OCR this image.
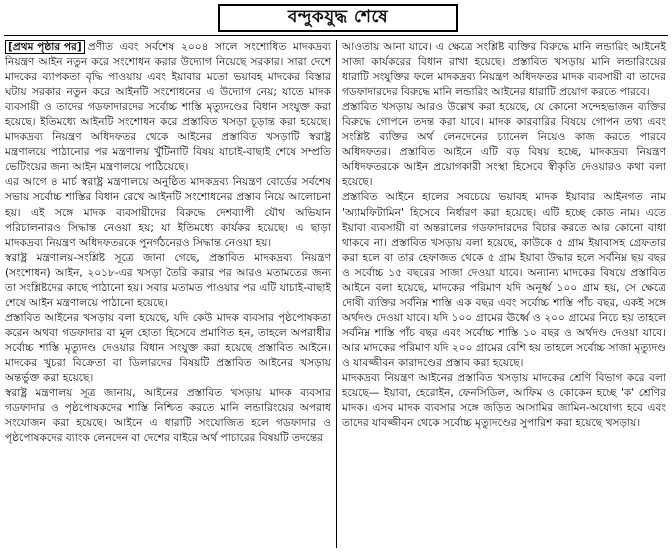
বন্দুকযুদ্ধ শেষে

[প্রথম পৃষ্ঠার পর] প্রণীত এবং সর্বশেষ ২০০৪ সালে সংশোধিত মাদকদ্রব্য নিয়ন্ত্রণ আইন নতুন করে সংশোধন করার উদ্যোগ নিয়েছে সরকার। সারা দেশে মাদকের ব্যাপকতা বৃদ্ধি পাওয়ায় এবং ইয়াবার মতো ভয়াবহ মাদকের বিস্তার ঘটায় সরকার নতুন করে আইনটি সংশোধনের এ উদ্যোগ নেয়; যাতে মাদক ব্যবসায়ী ও তাদের গডফাদারদের সর্বোচ্চ শাস্তি মৃত্যুদণ্ডের বিধান সংযুক্ত করা হয়েছে। ইতিমধ্যে আইনটি সংশোধন করে প্রস্তাবিত খসড়া চূড়ান্ত করা হয়েছে। মাদকদ্রব্য নিয়ন্ত্রণ অধিদফতর থেকে আইনের প্রস্তাবিত খসড়াটি স্বরাষ্ট্র মন্ত্রণালয়ে পাঠানোর পর মন্ত্রণালয় খুঁটিনাটি বিষয় যাচাই-বাছাই শেষে সম্প্রতি ভেটিংয়ের জন্য আইন মন্ত্রণালয়ে পাঠিয়েছে।

এর আগে ৪ মার্চ স্বরাষ্ট্র মন্ত্রণালয়ে অনুষ্ঠিত মাদকদ্রব্য নিয়ন্ত্রণ বোর্ডের সর্বশেষ সভায় সর্বোচ্চ শাস্তির বিধান রেখে আইনটি সংশোধনের প্রস্তাব নিয়ে আলোচনা হয়। এই সঙ্গে মাদক ব্যবসায়ীদের বিরুদ্ধে দেশব্যাপী যৌথ অভিযান পরিচালনারও সিদ্ধান্ত নেওয়া হয়; যা ইতিমধ্যে কার্যকর হয়েছে। এ ছাড়া মাদকদ্রব্য নিয়ন্ত্রণ অধিদফতরকে পুনর্গঠনেরও সিদ্ধান্ত নেওয়া হয়।

স্বরাষ্ট্র মন্ত্রণালয়-সংশ্লিষ্ট সূত্রে জানা গেছে, প্রস্তাবিত মাদকদ্রব্য নিয়ন্ত্রণ (সংশোধন) আইন, ২০১৮-এর খসড়া তৈরি করার পর আরও মতামতের জন্য তা সংশ্লিষ্টদের কাছে পাঠানো হয়। সবার মতামত পাওয়ার পর এটি যাচাই-বাছাই শেষে আইন মন্ত্রণালয়ে পাঠানো হয়েছে।

প্রস্তাবিত আইনের খসড়ায় বলা হয়েছে, যদি কেউ মাদক ব্যবসার পৃষ্ঠপোষকতা করেন অথবা গডফাদার বা মূল হোতা হিসেবে প্রমাণিত হন, তাহলে অপরাধীর সর্বোচ্চ শাস্তি মৃত্যুদণ্ড দেওয়ার বিধান সংযুক্ত করা হয়েছে প্রস্তাবিত আইনে। মাদকের খুচরা বিক্রেতা বা ডিলারদের বিষয়টি প্রস্তাবিত আইনের খসড়ায় অন্তর্ভুক্ত করা হয়েছে।

স্বরাষ্ট্র মন্ত্রণালয় সূত্র জানায়, আইনের প্রস্তাবিত খসড়ায় মাদক ব্যবসার গডফাদার ও পৃষ্ঠপোষকদের শাস্তি নিশ্চিত করতে মানি লন্ডারিংয়ের অপরাধ সংযোজন করা হয়েছে। আইনে এ ধারাটি সংযোজিত হলে গডফাদার ও পৃষ্ঠপোষকদের ব্যাংক লেনদেন বা দেশের বাইরে অর্থ পাচারের বিষয়টি তদন্তের

আওতায় আনা যাবে। এ ক্ষেত্রে সংশ্লিষ্ট ব্যক্তির বিরুদ্ধে মানি লন্ডারিং আইনেই সাজা কার্যকরের বিধান রাখা হয়েছে। প্রস্তাবিত খসড়ায় মানি লন্ডারিংয়ের ধারাটি সংযুক্তির ফলে মাদকদ্রব্য নিয়ন্ত্রণ অধিদফতর মাদক ব্যবসায়ী বা তাদের গডফাদারদের বিরুদ্ধে মানি লন্ডারিং আইনের ধারাটি প্রয়োগ করতে পারবে।

প্রস্তাবিত খসড়ায় আরও উল্লেখ করা হয়েছে, যে কোনো সন্দেহভাজন ব্যক্তির বিরুদ্ধে গোপনে তদন্ত করা যাবে। মাদক কারবারির বিষয়ে গোপন তথ্য এবং সংশ্লিষ্ট ব্যক্তির অর্থ লেনদেনের চ্যানেল নিয়েও কাজ করতে পারবে অধিদফতর। প্রস্তাবিত আইনে এটি বড় বিষয় হচ্ছে, মাদকদ্রব্য নিয়ন্ত্রণ অধিদফতরকে আইন প্রয়োগকারী সংস্থা হিসেবে স্বীকৃতি দেওয়ারও কথা বলা হয়েছে।

প্রস্তাবিত আইনে হালের সবচেয়ে ভয়াবহ মাদক ইয়াবার আইনগত নাম 'অ্যামফিটামিন' হিসেবে নির্ধারণ করা হয়েছে। এটি হচ্ছে কোড নাম। এতে ইয়াবা ব্যবসায়ী বা অন্তরালের গডফাদারদের বিচার করতে আর কোনো বাধা থাকবে না। প্রস্তাবিত খসড়ায় বলা হয়েছে, কাউকে ৫ গ্রাম ইয়াবাসহ গ্রেফতার করা হলে বা তার হেফাজত থেকে ৫ গ্রাম ইয়াবা উদ্ধার হলে সর্বনিম্ন ছয় বছর ও সর্বোচ্চ ১৫ বছরের সাজা দেওয়া যাবে। অন্যান্য মাদকের বিষয়ে প্রস্তাবিত আইনে বলা হয়েছে, মাদকের পরিমাণ যদি অনূর্ধ্ব ১০০ গ্রাম হয়, সে ক্ষেত্রে দোষী ব্যক্তির সর্বনিম্ন শাস্তি এক বছর এবং সর্বোচ্চ শাস্তি পাঁচ বছর, একই সঙ্গে অর্থদণ্ড দেওয়া যাবে। যদি ১০০ গ্রামের ঊর্ধ্বে ও ২০০ গ্রামের নিচে হয় তাহলে সর্বনিম্ন শাস্তি পাঁচ বছর এবং সর্বোচ্চ শাস্তি ১০ বছর ও অর্থদণ্ড দেওয়া যাবে। আর মাদকের পরিমাণ যদি ২০০ গ্রামের বেশি হয় তাহলে সর্বোচ্চ সাজা মৃত্যুদণ্ড ও যাবজ্জীবন কারাদণ্ডের প্রস্তাব করা হয়েছে।

মাদকদ্রব্য নিয়ন্ত্রণ আইনের প্রস্তাবিত খসড়ায় মাদকের শ্রেণি বিভাগ করে বলা হয়েছে— ইয়াবা, হেরোইন, ফেনসিডিল, আফিম ও কোকেন হচ্ছে 'ক' শ্রেণির মাদক। এসব মাদক ব্যবসার সঙ্গে জড়িত আসামির জামিন-অযোগ্য হবে এবং তাদের যাবজ্জীবন থেকে সর্বোচ্চ মৃত্যুদণ্ডের সুপারিশ করা হয়েছে খসড়ায়।
